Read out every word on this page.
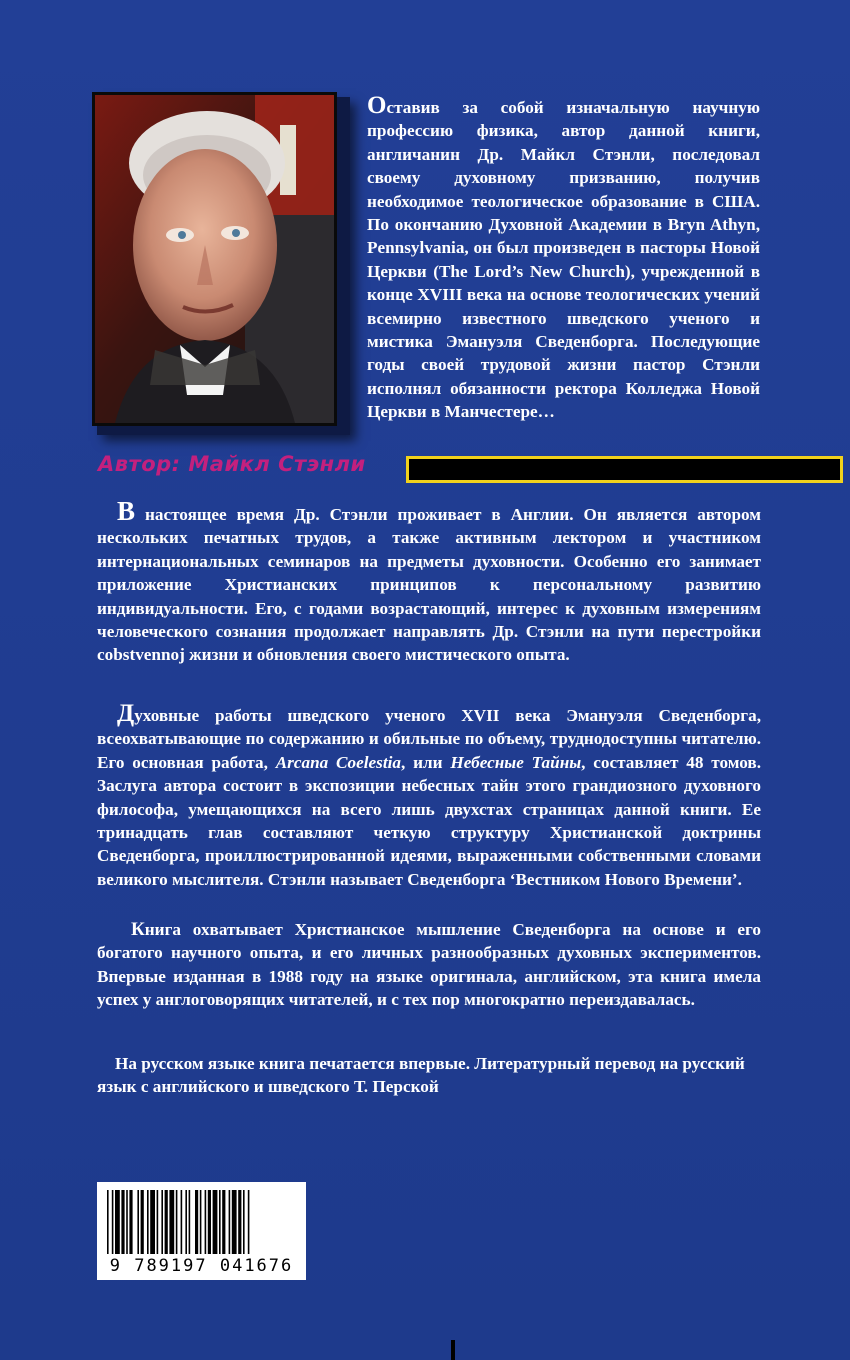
Оставив за собой изначальную научную профессию физика, автор данной книги, англичанин Др. Майкл Стэнли, последовал своему духовному призванию, получив необходимое теологическое образование в США. По окончанию Духовной Академии в Bryn Athyn, Pennsylvania, он был произведен в пасторы Новой Церкви (The Lord’s New Church), учрежденной в конце XVIII века на основе теологических учений всемирно известного шведского ученого и мистика Эмануэля Сведенборга. Последующие годы своей трудовой жизни пастор Стэнли исполнял обязанности ректора Колледжа Новой Церкви в Манчестере…
Автор: Майкл Стэнли
В настоящее время Др. Стэнли проживает в Англии. Он является автором нескольких печатных трудов, а также активным лектором и участником интернациональных семинаров на предметы духовности. Особенно его занимает приложение Христианских принципов к персональному развитию индивидуальности. Его, с годами возрастающий, интерес к духовным измерениям человеческого сознания продолжает направлять Др. Стэнли на пути перестройки cobstvennoj жизни и обновления своего мистического опыта.
Духовные работы шведского ученого XVII века Эмануэля Сведенборга, всеохватывающие по содержанию и обильные по объему, труднодоступны читателю. Его основная работа, Arcana Coelestia, или Небесные Тайны, составляет 48 томов. Заслуга автора состоит в экспозиции небесных тайн этого грандиозного духовного философа, умещающихся на всего лишь двухстах страницах данной книги. Ее тринадцать глав составляют четкую структуру Христианской доктрины Сведенборга, проиллюстрированной идеями, выраженными собственными словами великого мыслителя. Стэнли называет Сведенборга ‘Вестником Нового Времени’.
Книга охватывает Христианское мышление Сведенборга на основе и его богатого научного опыта, и его личных разнообразных духовных экспериментов. Впервые изданная в 1988 году на языке оригинала, английском, эта книга имела успех у англоговорящих читателей, и с тех пор многократно переиздавалась.
На русском языке книга печатается впервые. Литературный перевод на русский язык с английского и шведского Т. Перской
9 789197 041676
